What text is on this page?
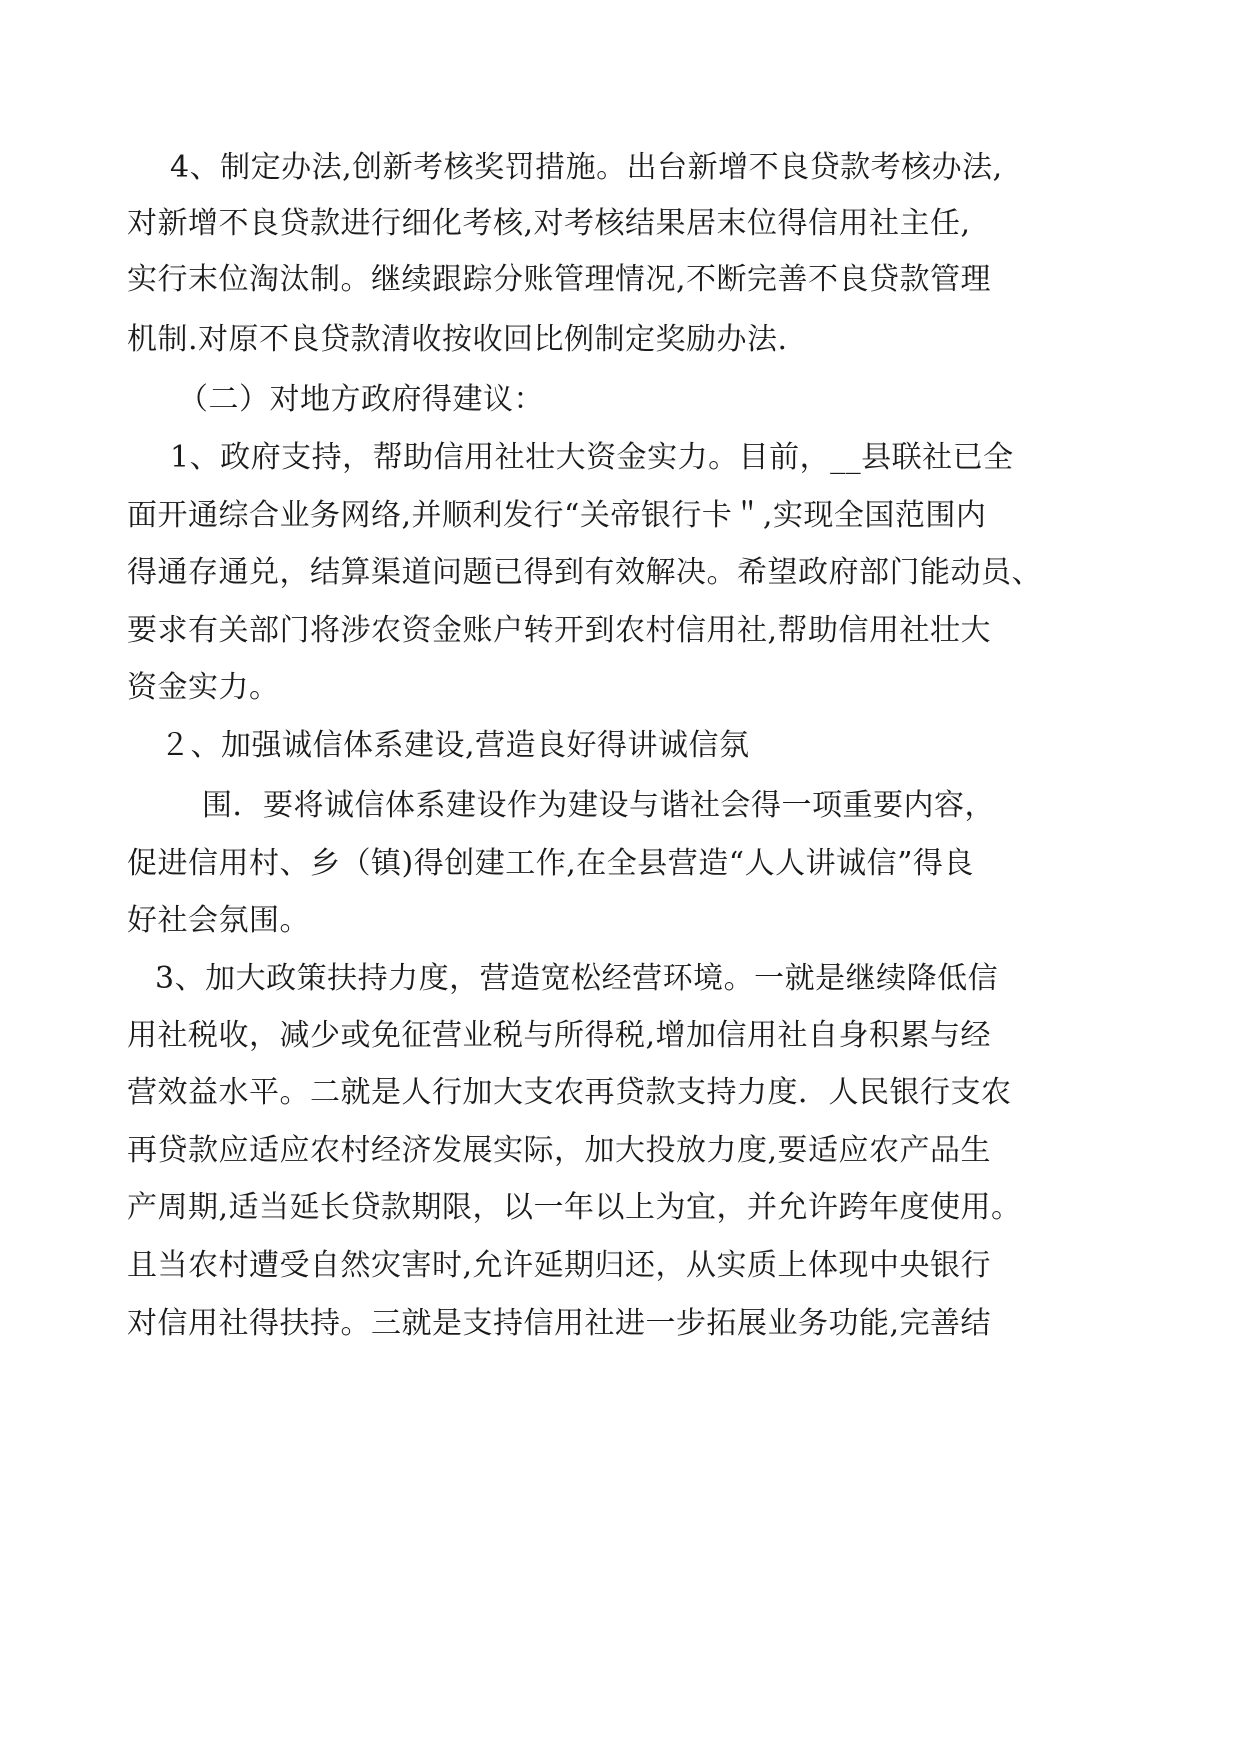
4、制定办法,创新考核奖罚措施。出台新增不良贷款考核办法,

对新增不良贷款进行细化考核,对考核结果居末位得信用社主任,

实行末位淘汰制。继续跟踪分账管理情况,不断完善不良贷款管理

机制.对原不良贷款清收按收回比例制定奖励办法.

（二）对地方政府得建议：

1、政府支持，帮助信用社壮大资金实力。目前，__县联社已全

面开通综合业务网络,并顺利发行“关帝银行卡＂,实现全国范围内

得通存通兑，结算渠道问题已得到有效解决。希望政府部门能动员、

要求有关部门将涉农资金账户转开到农村信用社,帮助信用社壮大

资金实力。

２、加强诚信体系建设,营造良好得讲诚信氛

围．要将诚信体系建设作为建设与谐社会得一项重要内容，

促进信用村、乡（镇)得创建工作,在全县营造“人人讲诚信”得良

好社会氛围。

3、加大政策扶持力度，营造宽松经营环境。一就是继续降低信

用社税收，减少或免征营业税与所得税,增加信用社自身积累与经

营效益水平。二就是人行加大支农再贷款支持力度．人民银行支农

再贷款应适应农村经济发展实际，加大投放力度,要适应农产品生

产周期,适当延长贷款期限，以一年以上为宜，并允许跨年度使用。

且当农村遭受自然灾害时,允许延期归还，从实质上体现中央银行

对信用社得扶持。三就是支持信用社进一步拓展业务功能,完善结
